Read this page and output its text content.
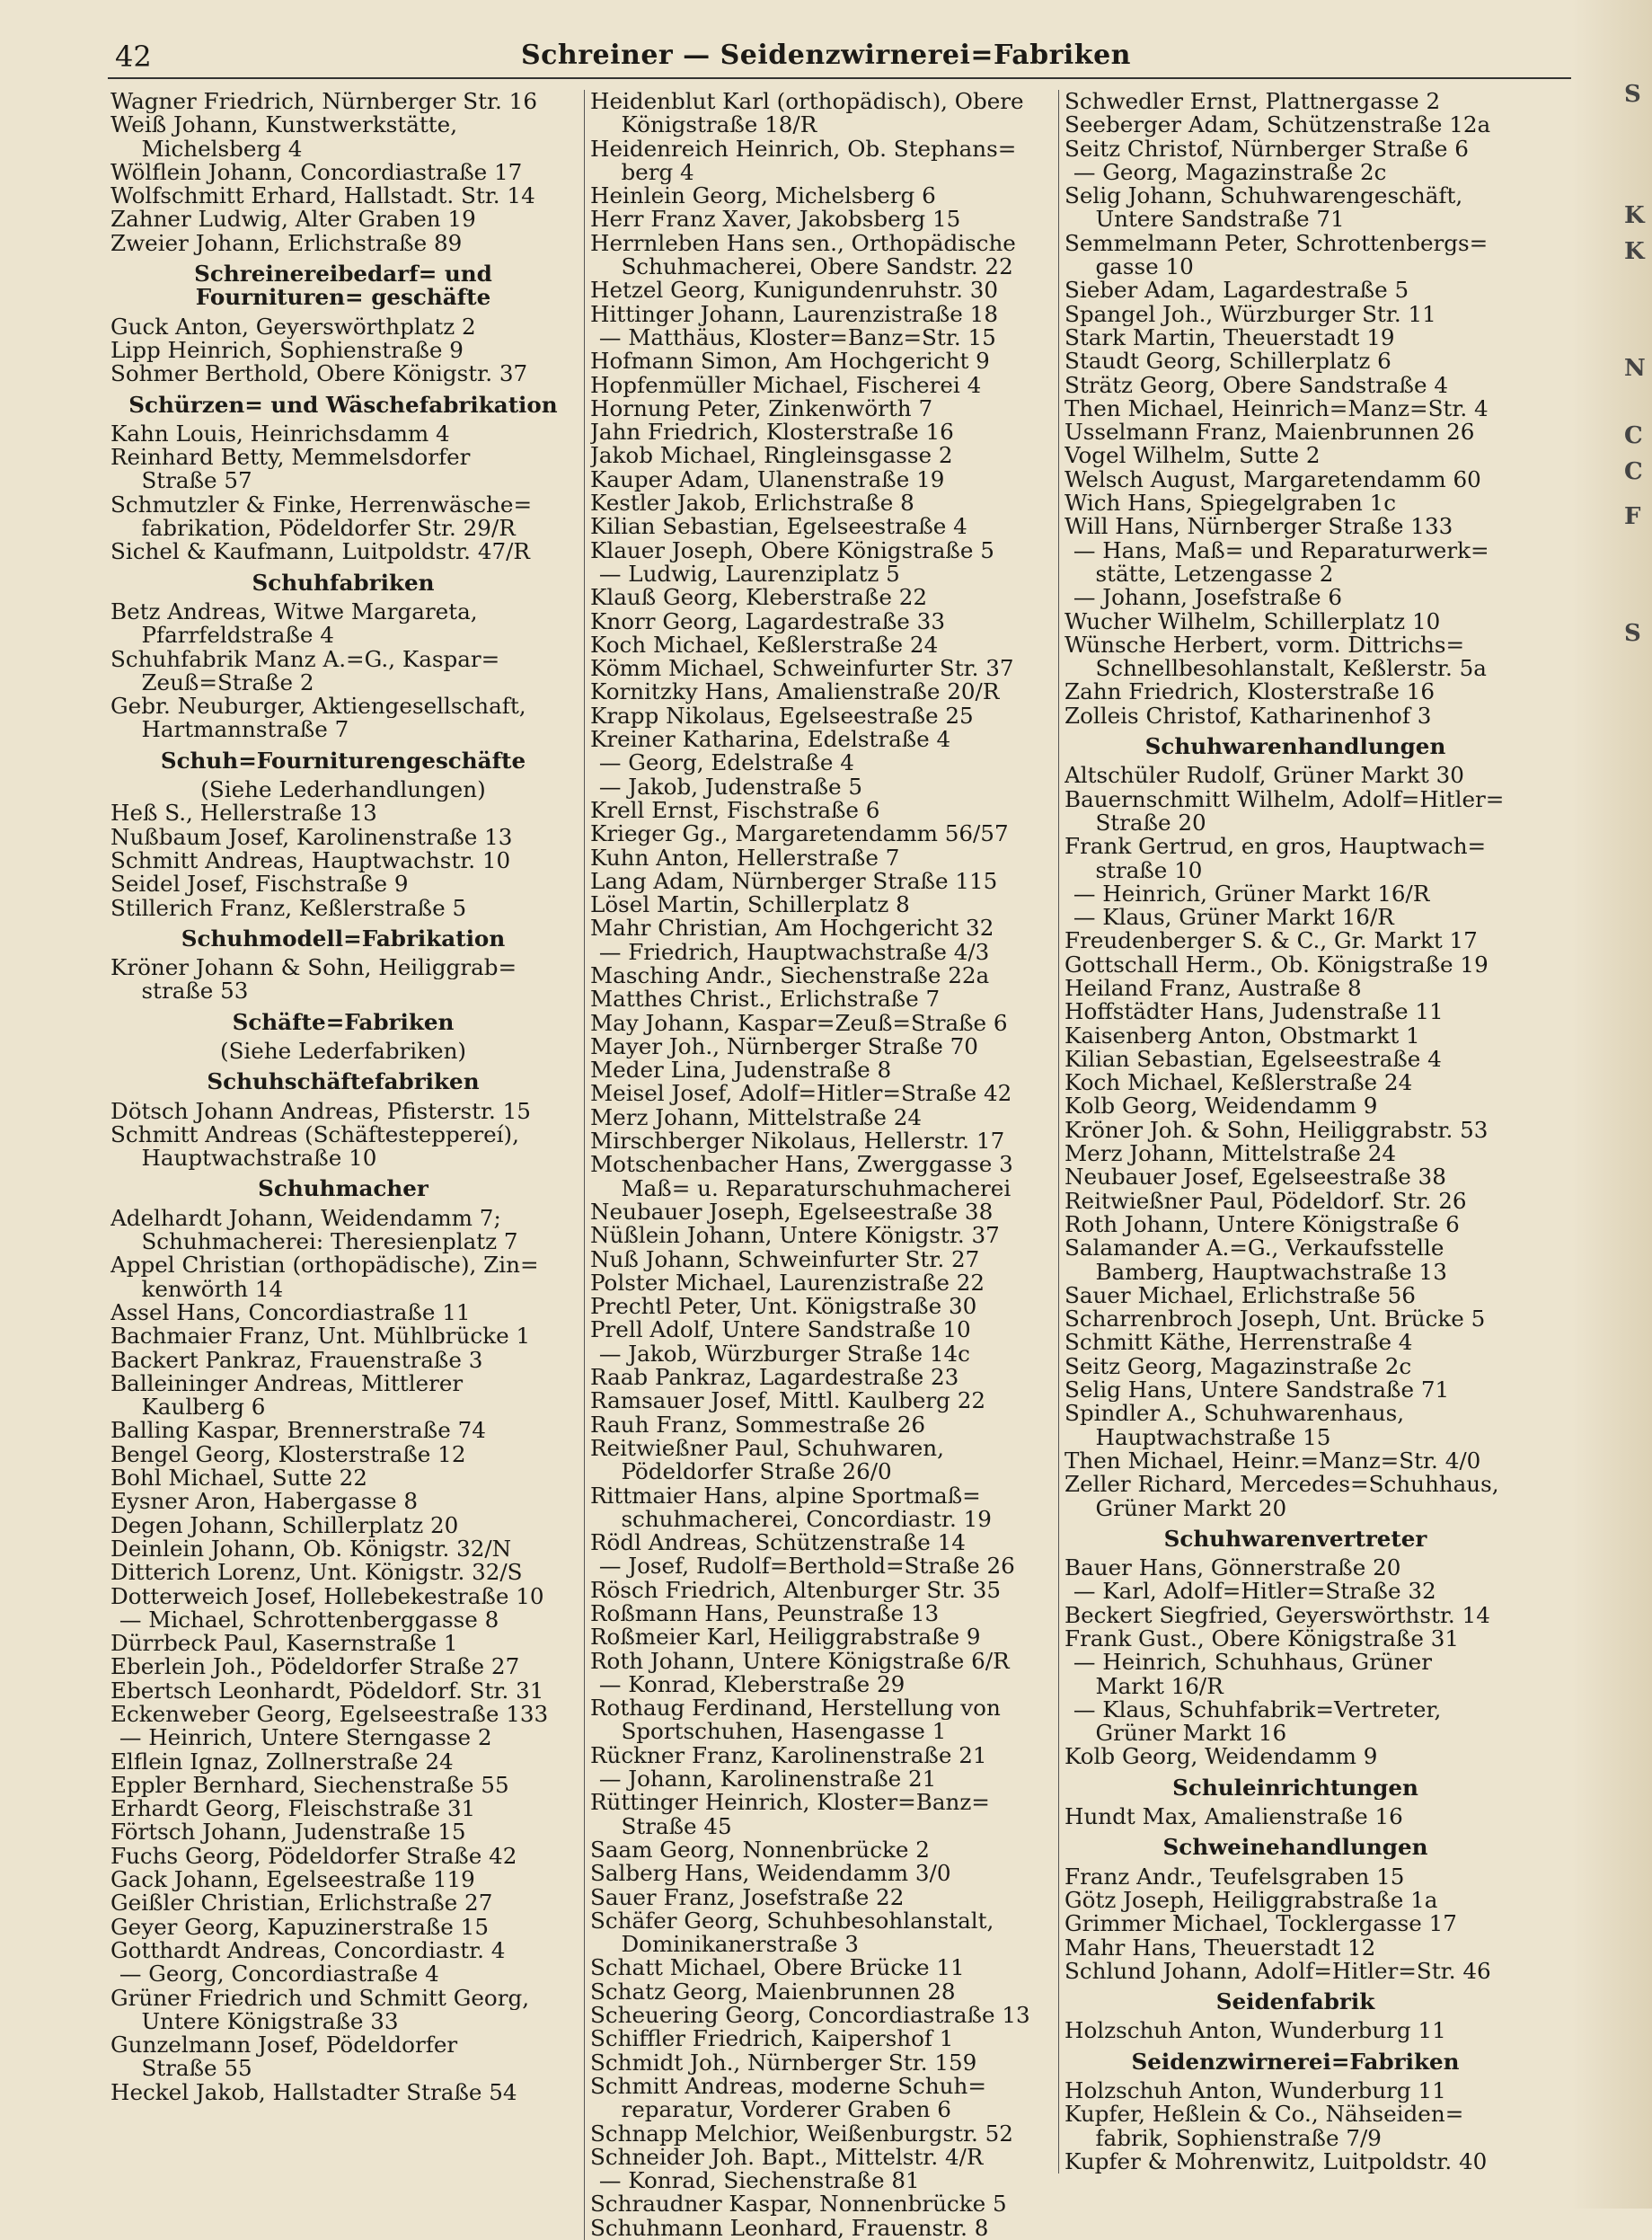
42	Schreiner — Seidenzwirnerei=Fabriken
Wagner Friedrich, Nürnberger Str. 16
Weiß Johann, Kunstwerkstätte,
Michelsberg 4
Wölflein Johann, Concordiastraße 17
Wolfschmitt Erhard, Hallstadt. Str. 14
Zahner Ludwig, Alter Graben 19
Zweier Johann, Erlichstraße 89
Schreinereibedarf= und Fournituren= geschäfte
Guck Anton, Geyerswörthplatz 2
Lipp Heinrich, Sophienstraße 9
Sohmer Berthold, Obere Königstr. 37
Schürzen= und Wäschefabrikation
Kahn Louis, Heinrichsdamm 4
Reinhard Betty, Memmelsdorfer
Straße 57
Schmutzler & Finke, Herrenwäsche=
fabrikation, Pödeldorfer Str. 29/R
Sichel & Kaufmann, Luitpoldstr. 47/R
Schuhfabriken
Betz Andreas, Witwe Margareta,
Pfarrfeldstraße 4
Schuhfabrik Manz A.=G., Kaspar=
Zeuß=Straße 2
Gebr. Neuburger, Aktiengesellschaft,
Hartmannstraße 7
Schuh=Fourniturengeschäfte
(Siehe Lederhandlungen)
Heß S., Hellerstraße 13
Nußbaum Josef, Karolinenstraße 13
Schmitt Andreas, Hauptwachstr. 10
Seidel Josef, Fischstraße 9
Stillerich Franz, Keßlerstraße 5
Schuhmodell=Fabrikation
Kröner Johann & Sohn, Heiliggrab=
straße 53
Schäfte=Fabriken
(Siehe Lederfabriken)
Schuhschäftefabriken
Dötsch Johann Andreas, Pfisterstr. 15
Schmitt Andreas (Schäftesteppereí),
Hauptwachstraße 10
Schuhmacher
Adelhardt Johann, Weidendamm 7;
Schuhmacherei: Theresienplatz 7
Appel Christian (orthopädische), Zin=
kenwörth 14
Assel Hans, Concordiastraße 11
Bachmaier Franz, Unt. Mühlbrücke 1
Backert Pankraz, Frauenstraße 3
Balleininger Andreas, Mittlerer
Kaulberg 6
Balling Kaspar, Brennerstraße 74
Bengel Georg, Klosterstraße 12
Bohl Michael, Sutte 22
Eysner Aron, Habergasse 8
Degen Johann, Schillerplatz 20
Deinlein Johann, Ob. Königstr. 32/N
Ditterich Lorenz, Unt. Königstr. 32/S
Dotterweich Josef, Hollebekestraße 10
— Michael, Schrottenberggasse 8
Dürrbeck Paul, Kasernstraße 1
Eberlein Joh., Pödeldorfer Straße 27
Ebertsch Leonhardt, Pödeldorf. Str. 31
Eckenweber Georg, Egelseestraße 133
— Heinrich, Untere Sterngasse 2
Elflein Ignaz, Zollnerstraße 24
Eppler Bernhard, Siechenstraße 55
Erhardt Georg, Fleischstraße 31
Förtsch Johann, Judenstraße 15
Fuchs Georg, Pödeldorfer Straße 42
Gack Johann, Egelseestraße 119
Geißler Christian, Erlichstraße 27
Geyer Georg, Kapuzinerstraße 15
Gotthardt Andreas, Concordiastr. 4
— Georg, Concordiastraße 4
Grüner Friedrich und Schmitt Georg,
Untere Königstraße 33
Gunzelmann Josef, Pödeldorfer
Straße 55
Heckel Jakob, Hallstadter Straße 54
Heidenblut Karl (orthopädisch), Obere
Königstraße 18/R
Heidenreich Heinrich, Ob. Stephans=
berg 4
Heinlein Georg, Michelsberg 6
Herr Franz Xaver, Jakobsberg 15
Herrnleben Hans sen., Orthopädische
Schuhmacherei, Obere Sandstr. 22
Hetzel Georg, Kunigundenruhstr. 30
Hittinger Johann, Laurenzistraße 18
— Matthäus, Kloster=Banz=Str. 15
Hofmann Simon, Am Hochgericht 9
Hopfenmüller Michael, Fischerei 4
Hornung Peter, Zinkenwörth 7
Jahn Friedrich, Klosterstraße 16
Jakob Michael, Ringleinsgasse 2
Kauper Adam, Ulanenstraße 19
Kestler Jakob, Erlichstraße 8
Kilian Sebastian, Egelseestraße 4
Klauer Joseph, Obere Königstraße 5
— Ludwig, Laurenziplatz 5
Klauß Georg, Kleberstraße 22
Knorr Georg, Lagardestraße 33
Koch Michael, Keßlerstraße 24
Kömm Michael, Schweinfurter Str. 37
Kornitzky Hans, Amalienstraße 20/R
Krapp Nikolaus, Egelseestraße 25
Kreiner Katharina, Edelstraße 4
— Georg, Edelstraße 4
— Jakob, Judenstraße 5
Krell Ernst, Fischstraße 6
Krieger Gg., Margaretendamm 56/57
Kuhn Anton, Hellerstraße 7
Lang Adam, Nürnberger Straße 115
Lösel Martin, Schillerplatz 8
Mahr Christian, Am Hochgericht 32
— Friedrich, Hauptwachstraße 4/3
Masching Andr., Siechenstraße 22a
Matthes Christ., Erlichstraße 7
May Johann, Kaspar=Zeuß=Straße 6
Mayer Joh., Nürnberger Straße 70
Meder Lina, Judenstraße 8
Meisel Josef, Adolf=Hitler=Straße 42
Merz Johann, Mittelstraße 24
Mirschberger Nikolaus, Hellerstr. 17
Motschenbacher Hans, Zwerggasse 3
Maß= u. Reparaturschuhmacherei
Neubauer Joseph, Egelseestraße 38
Nüßlein Johann, Untere Königstr. 37
Nuß Johann, Schweinfurter Str. 27
Polster Michael, Laurenzistraße 22
Prechtl Peter, Unt. Königstraße 30
Prell Adolf, Untere Sandstraße 10
— Jakob, Würzburger Straße 14c
Raab Pankraz, Lagardestraße 23
Ramsauer Josef, Mittl. Kaulberg 22
Rauh Franz, Sommestraße 26
Reitwießner Paul, Schuhwaren,
Pödeldorfer Straße 26/0
Rittmaier Hans, alpine Sportmaß=
schuhmacherei, Concordiastr. 19
Rödl Andreas, Schützenstraße 14
— Josef, Rudolf=Berthold=Straße 26
Rösch Friedrich, Altenburger Str. 35
Roßmann Hans, Peunstraße 13
Roßmeier Karl, Heiliggrabstraße 9
Roth Johann, Untere Königstraße 6/R
— Konrad, Kleberstraße 29
Rothaug Ferdinand, Herstellung von
Sportschuhen, Hasengasse 1
Rückner Franz, Karolinenstraße 21
— Johann, Karolinenstraße 21
Rüttinger Heinrich, Kloster=Banz=
Straße 45
Saam Georg, Nonnenbrücke 2
Salberg Hans, Weidendamm 3/0
Sauer Franz, Josefstraße 22
Schäfer Georg, Schuhbesohlanstalt,
Dominikanerstraße 3
Schatt Michael, Obere Brücke 11
Schatz Georg, Maienbrunnen 28
Scheuering Georg, Concordiastraße 13
Schiffler Friedrich, Kaipershof 1
Schmidt Joh., Nürnberger Str. 159
Schmitt Andreas, moderne Schuh=
reparatur, Vorderer Graben 6
Schnapp Melchior, Weißenburgstr. 52
Schneider Joh. Bapt., Mittelstr. 4/R
— Konrad, Siechenstraße 81
Schraudner Kaspar, Nonnenbrücke 5
Schuhmann Leonhard, Frauenstr. 8
Schwedler Ernst, Plattnergasse 2
Seeberger Adam, Schützenstraße 12a
Seitz Christof, Nürnberger Straße 6
— Georg, Magazinstraße 2c
Selig Johann, Schuhwarengeschäft,
Untere Sandstraße 71
Semmelmann Peter, Schrottenbergs=
gasse 10
Sieber Adam, Lagardestraße 5
Spangel Joh., Würzburger Str. 11
Stark Martin, Theuerstadt 19
Staudt Georg, Schillerplatz 6
Strätz Georg, Obere Sandstraße 4
Then Michael, Heinrich=Manz=Str. 4
Usselmann Franz, Maienbrunnen 26
Vogel Wilhelm, Sutte 2
Welsch August, Margaretendamm 60
Wich Hans, Spiegelgraben 1c
Will Hans, Nürnberger Straße 133
— Hans, Maß= und Reparaturwerk=
stätte, Letzengasse 2
— Johann, Josefstraße 6
Wucher Wilhelm, Schillerplatz 10
Wünsche Herbert, vorm. Dittrichs=
Schnellbesohlanstalt, Keßlerstr. 5a
Zahn Friedrich, Klosterstraße 16
Zolleis Christof, Katharinenhof 3
Schuhwarenhandlungen
Altschüler Rudolf, Grüner Markt 30
Bauernschmitt Wilhelm, Adolf=Hitler=
Straße 20
Frank Gertrud, en gros, Hauptwach=
straße 10
— Heinrich, Grüner Markt 16/R
— Klaus, Grüner Markt 16/R
Freudenberger S. & C., Gr. Markt 17
Gottschall Herm., Ob. Königstraße 19
Heiland Franz, Austraße 8
Hoffstädter Hans, Judenstraße 11
Kaisenberg Anton, Obstmarkt 1
Kilian Sebastian, Egelseestraße 4
Koch Michael, Keßlerstraße 24
Kolb Georg, Weidendamm 9
Kröner Joh. & Sohn, Heiliggrabstr. 53
Merz Johann, Mittelstraße 24
Neubauer Josef, Egelseestraße 38
Reitwießner Paul, Pödeldorf. Str. 26
Roth Johann, Untere Königstraße 6
Salamander A.=G., Verkaufsstelle
Bamberg, Hauptwachstraße 13
Sauer Michael, Erlichstraße 56
Scharrenbroch Joseph, Unt. Brücke 5
Schmitt Käthe, Herrenstraße 4
Seitz Georg, Magazinstraße 2c
Selig Hans, Untere Sandstraße 71
Spindler A., Schuhwarenhaus,
Hauptwachstraße 15
Then Michael, Heinr.=Manz=Str. 4/0
Zeller Richard, Mercedes=Schuhhaus,
Grüner Markt 20
Schuhwarenvertreter
Bauer Hans, Gönnerstraße 20
— Karl, Adolf=Hitler=Straße 32
Beckert Siegfried, Geyerswörthstr. 14
Frank Gust., Obere Königstraße 31
— Heinrich, Schuhhaus, Grüner
Markt 16/R
— Klaus, Schuhfabrik=Vertreter,
Grüner Markt 16
Kolb Georg, Weidendamm 9
Schuleinrichtungen
Hundt Max, Amalienstraße 16
Schweinehandlungen
Franz Andr., Teufelsgraben 15
Götz Joseph, Heiliggrabstraße 1a
Grimmer Michael, Tocklergasse 17
Mahr Hans, Theuerstadt 12
Schlund Johann, Adolf=Hitler=Str. 46
Seidenfabrik
Holzschuh Anton, Wunderburg 11
Seidenzwirnerei=Fabriken
Holzschuh Anton, Wunderburg 11
Kupfer, Heßlein & Co., Nähseiden=
fabrik, Sophienstraße 7/9
Kupfer & Mohrenwitz, Luitpoldstr. 40
S
K
K
N
C
C
F
S
